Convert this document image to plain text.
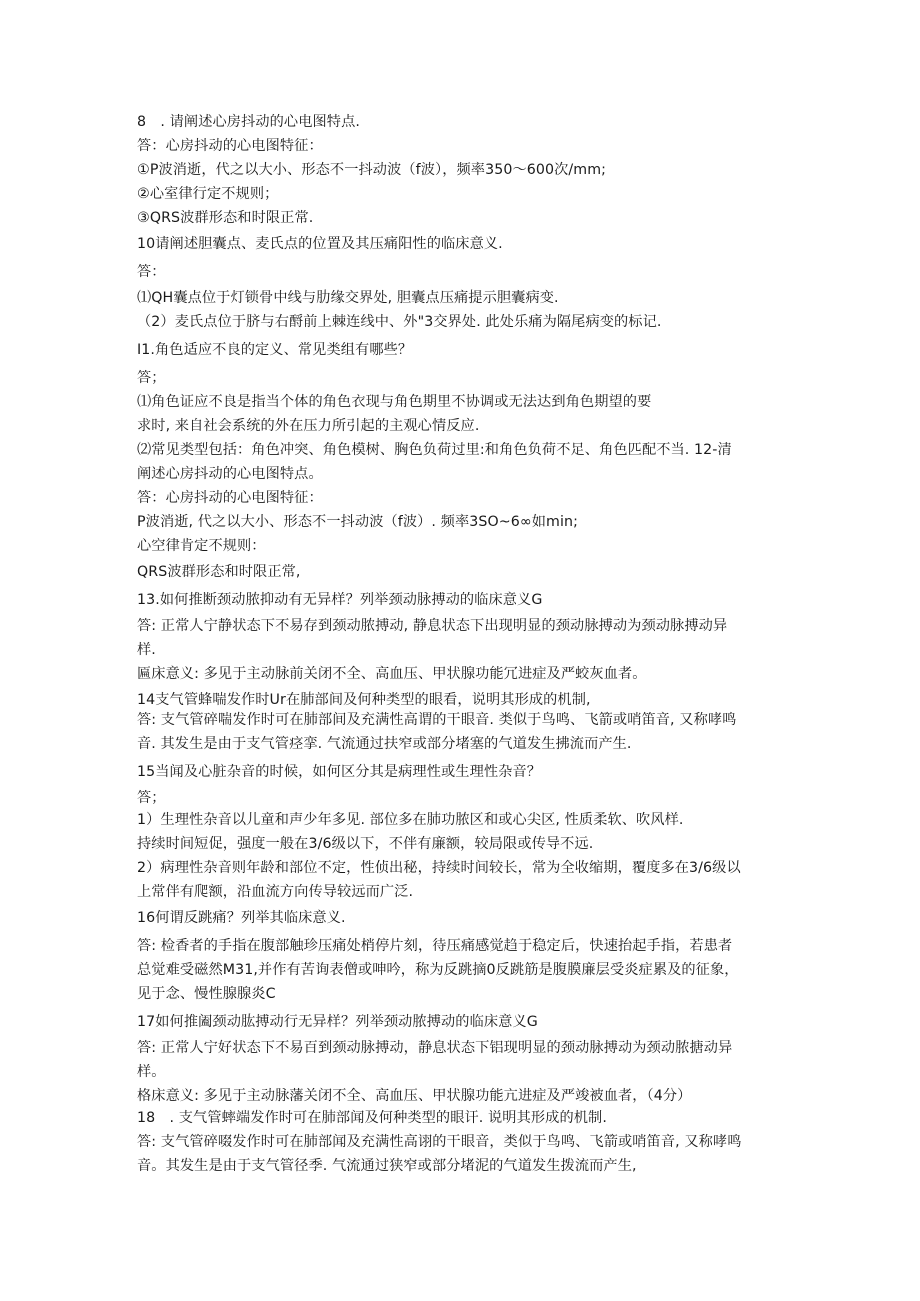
8　. 请阐述心房抖动的心电图特点.
答：心房抖动的心电图特征：
①P波消逝，代之以大小、形态不一抖动波（f波），频率350～600次/mm;
②心室律行定不规则；
③QRS波群形态和时限正常.
10请阐述胆囊点、麦氏点的位置及其压痛阳性的临床意义.
答：
⑴QH囊点位于灯锁骨中线与肋缘交界处, 胆囊点压痛提示胆囊病变.
（2）麦氏点位于脐与右酹前上棘连线中、外"3交界处. 此处乐痛为隔尾病变的标记.
I1.角色适应不良的定义、常见类组有哪些？
答；
⑴角色证应不良是指当个体的角色衣现与角色期里不协调或无法达到角色期望的要
求时, 来自社会系统的外在压力所引起的主观心情反应.
⑵常见类型包括：角色冲突、角色模树、胸色负荷过里:和角色负荷不足、角色匹配不当. 12-清
阐述心房抖动的心电图特点。
答：心房抖动的心电图特征：
P波消逝, 代之以大小、形态不一抖动波（f波）. 频率3SO~6∞如min;
心空律肯定不规则：
QRS波群形态和时限正常,
13.如何推断颈动脓抑动有无异样？列举颈动脉搏动的临床意义G
答: 正常人宁静状态下不易存到颈动脓搏动, 静息状态下出现明显的颈动脉搏动为颈动脉搏动异
样.
匾床意义: 多见于主动脉前关闭不全、高血压、甲状腺功能冗进症及严蛟灰血者。
14支气管蜂喘发作时Ur在肺部间及何种类型的眼看，说明其形成的机制,
答: 支气管碎喘发作时可在肺部间及充满性高谓的干眼音. 类似于鸟鸣、飞箭或哨笛音, 又称哮鸣
音. 其发生是由于支气管痉挛. 气流通过扶窄或部分堵塞的气道发生拂流而产生.
15当闻及心脏杂音的时候，如何区分其是病理性或生理性杂音？
答；
1）生理性杂音以儿童和声少年多见. 部位多在肺功脓区和或心尖区, 性质柔软、吹风样.
持续时间短促，强度一般在3/6级以下，不伴有廉额，较局限或传导不远.
2）病理性杂音则年龄和部位不定，性侦出秘，持续时间较长，常为全收缩期，覆度多在3/6级以
上常伴有爬额，沿血流方向传导较远而广泛.
16何谓反跳痛？列举其临床意义.
答: 检香者的手指在腹部触珍压痛处梢停片刻，待压痛感觉趋于稳定后，快速抬起手指，若患者
总觉难受磁然M31,并作有苦询表僧或呻吟，称为反跳摘0反跳筋是腹膜廉层受炎症累及的征象，
见于念、慢性腺腺炎C
17如何推阖颈动肱搏动行无异样？列举颈动脓搏动的临床意义G
答: 正常人宁好状态下不易百到颈动脉搏动，静息状态下铝现明显的颈动脉搏动为颈动脓搪动异
样。
格床意义: 多见于主动脉藩关闭不全、高血压、甲状腺功能亢进症及严竣被血者，（4分）
18　. 支气管蟀端发作时可在肺部闻及何种类型的眼讦. 说明其形成的机制.
答: 支气管碎啜发作时可在肺部闻及充满性高诩的干眼音，类似于鸟鸣、飞箭或哨笛音, 又称哮鸣
音。其发生是由于支气管径季. 气流通过狭窄或部分堵泥的气道发生拨流而产生,
